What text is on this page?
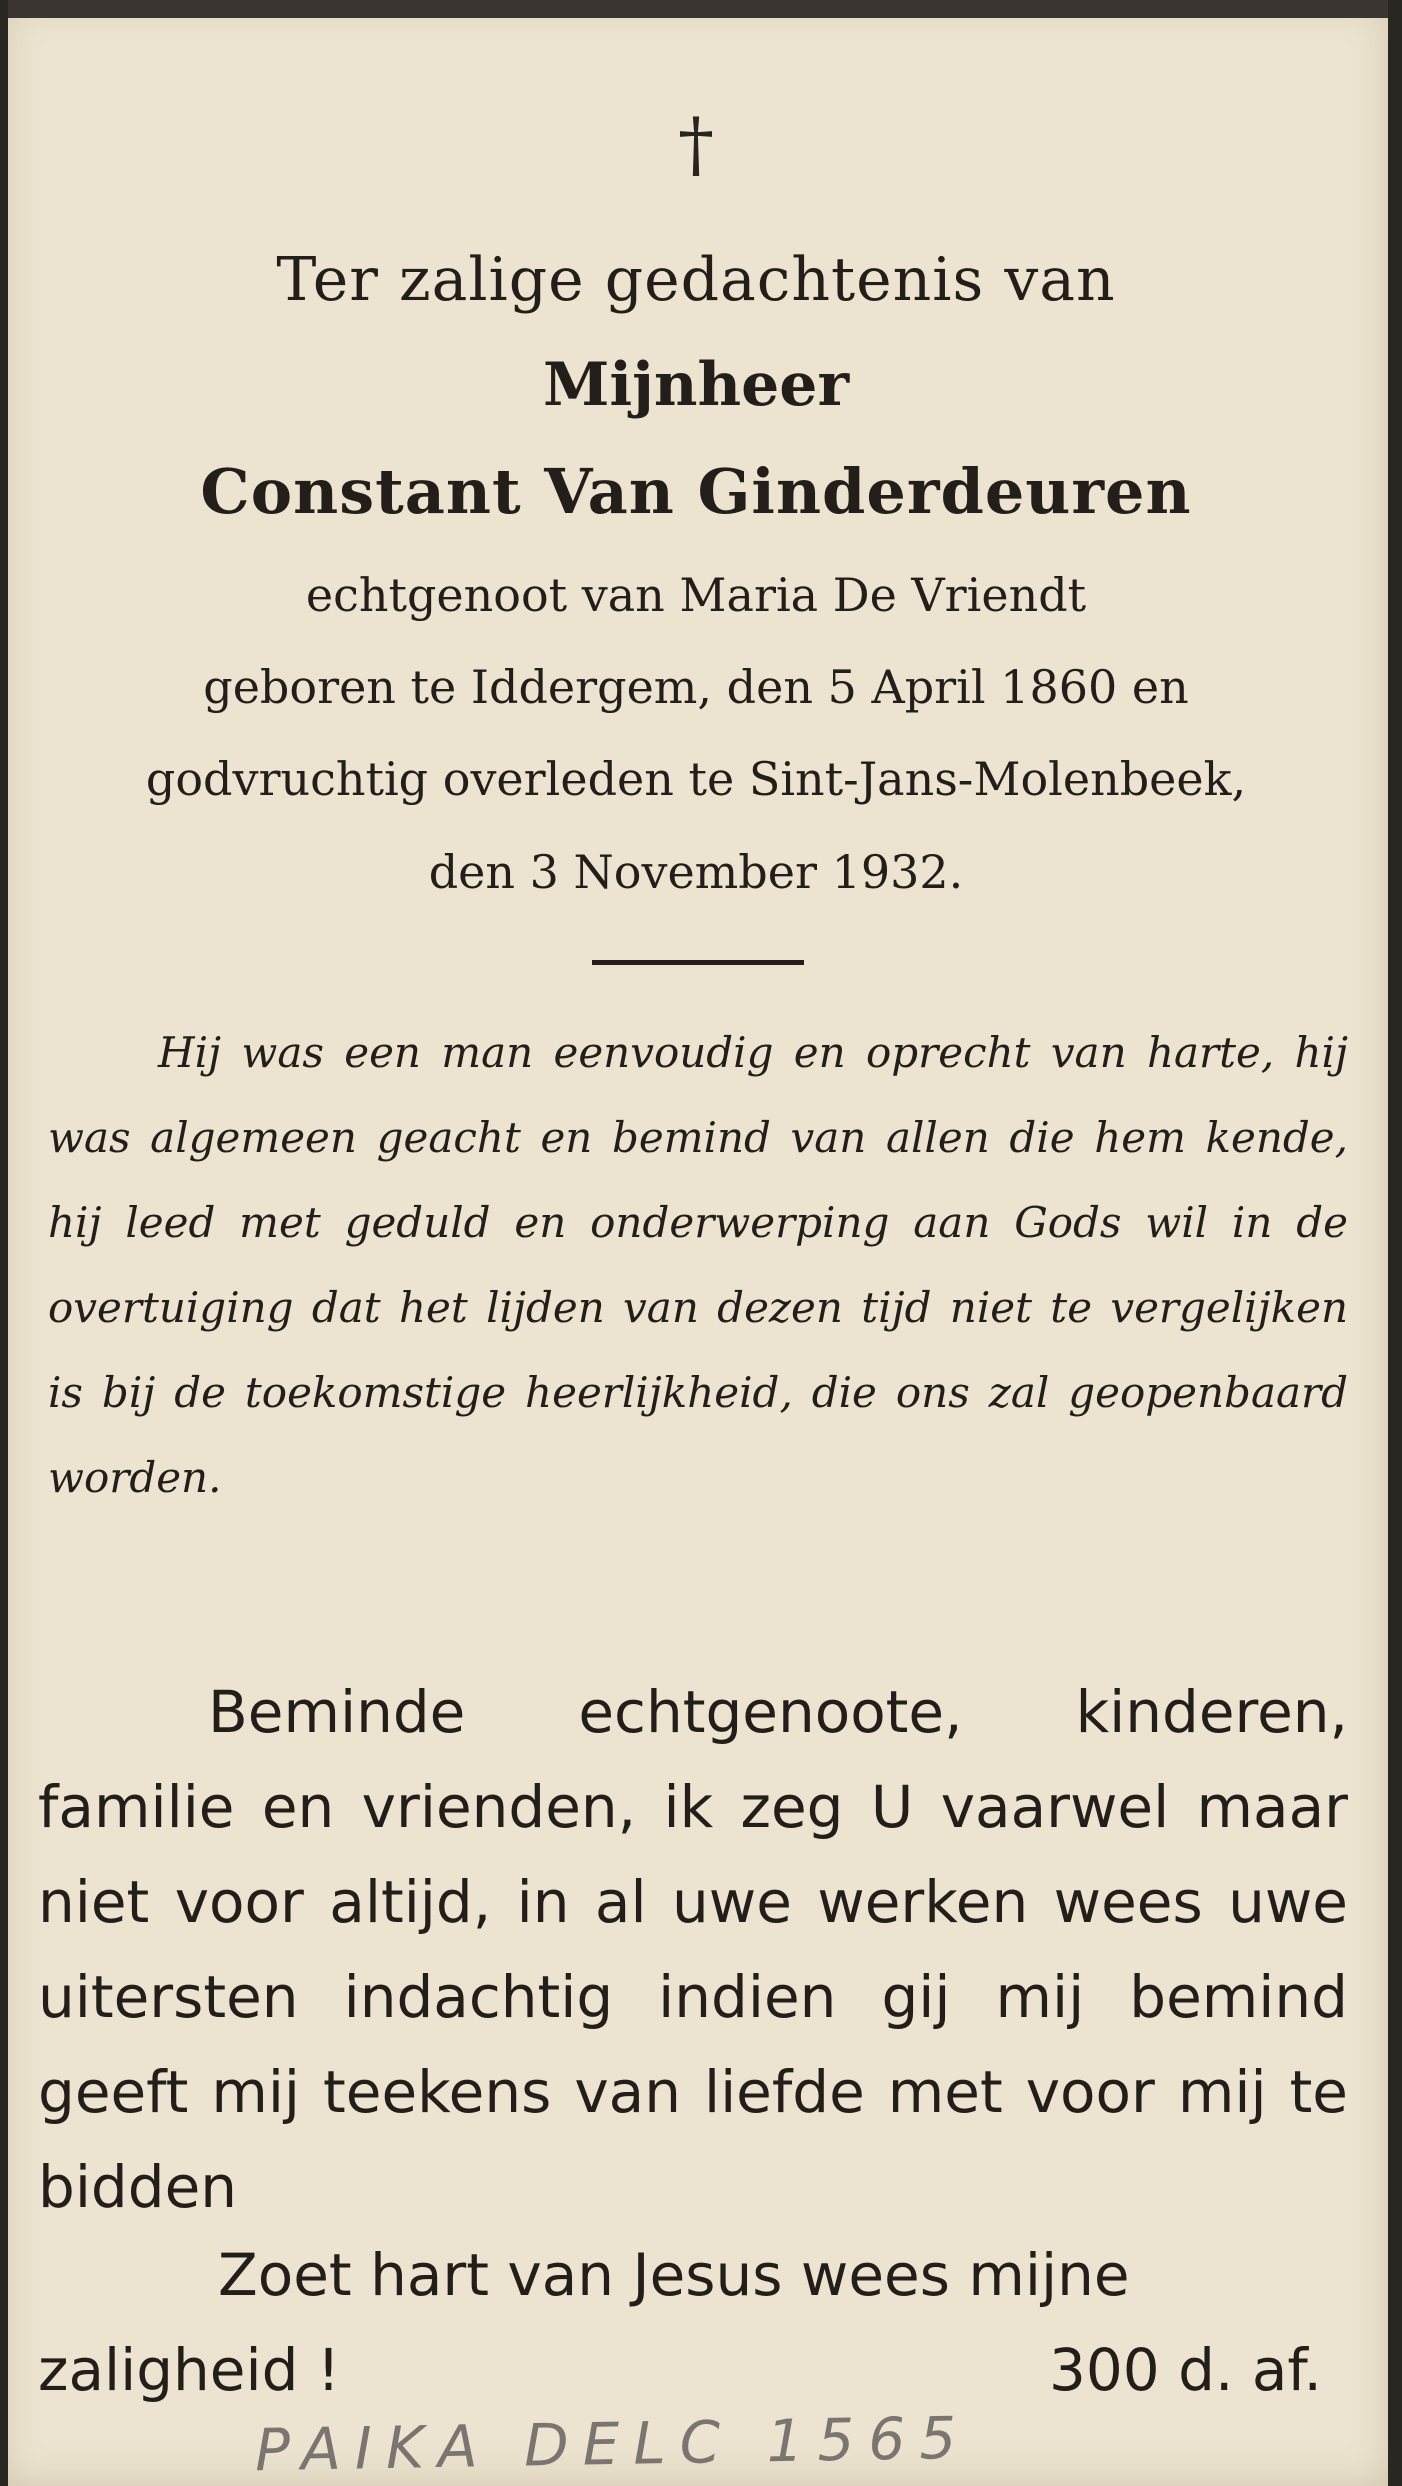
†
Ter zalige gedachtenis van
Mijnheer
Constant Van Ginderdeuren
echtgenoot van Maria De Vriendt
geboren te Iddergem, den 5 April 1860 en
godvruchtig overleden te Sint-Jans-Molenbeek,
den 3 November 1932.
Hij was een man eenvoudig en oprecht van harte, hij was algemeen geacht en bemind van allen die hem kende, hij leed met geduld en onderwerping aan Gods wil in de overtuiging dat het lijden van dezen tijd niet te vergelijken is bij de toekomstige heerlijkheid, die ons zal geopenbaard worden.
Beminde echtgenoote, kinderen, familie en vrienden, ik zeg U vaarwel maar niet voor altijd, in al uwe werken wees uwe uitersten indachtig indien gij mij bemind geeft mij teekens van liefde met voor mij te bidden
Zoet hart van Jesus wees mijne zaligheid !	300 d. af.
PAIKA DELC 1565
